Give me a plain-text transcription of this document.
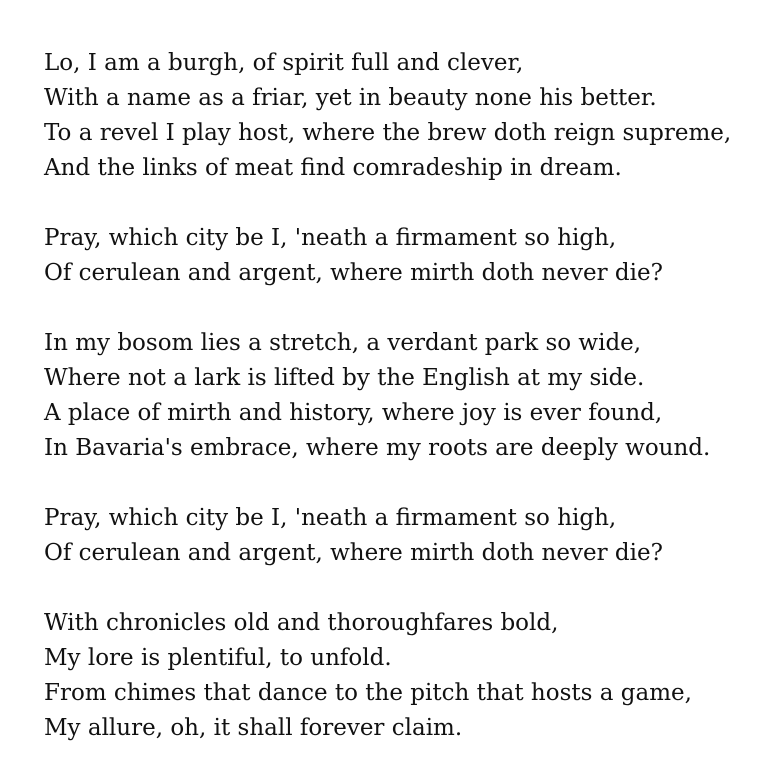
Lo, I am a burgh, of spirit full and clever,
With a name as a friar, yet in beauty none his better.
To a revel I play host, where the brew doth reign supreme,
And the links of meat find comradeship in dream.
Pray, which city be I, 'neath a firmament so high,
Of cerulean and argent, where mirth doth never die?
In my bosom lies a stretch, a verdant park so wide,
Where not a lark is lifted by the English at my side.
A place of mirth and history, where joy is ever found,
In Bavaria's embrace, where my roots are deeply wound.
Pray, which city be I, 'neath a firmament so high,
Of cerulean and argent, where mirth doth never die?
With chronicles old and thoroughfares bold,
My lore is plentiful, to unfold.
From chimes that dance to the pitch that hosts a game,
My allure, oh, it shall forever claim.
